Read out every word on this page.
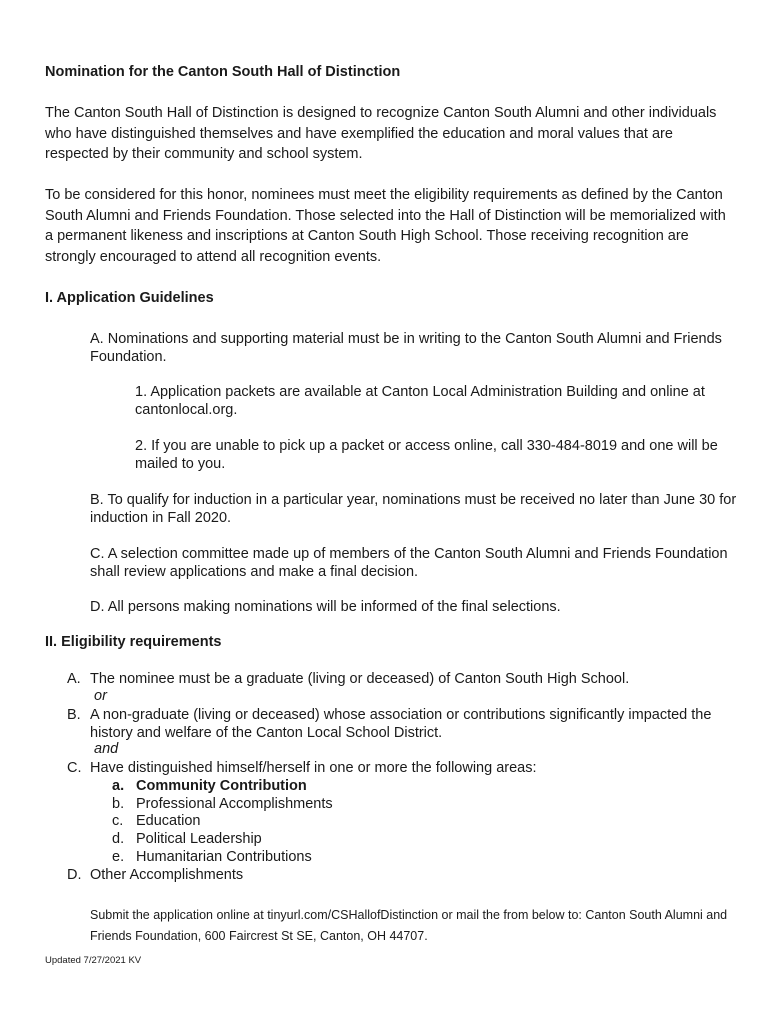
Nomination for the Canton South Hall of Distinction

The Canton South Hall of Distinction is designed to recognize Canton South Alumni and other individuals who have distinguished themselves and have exemplified the education and moral values that are respected by their community and school system.

To be considered for this honor, nominees must meet the eligibility requirements as defined by the Canton South Alumni and Friends Foundation. Those selected into the Hall of Distinction will be memorialized with a permanent likeness and inscriptions at Canton South High School. Those receiving recognition are strongly encouraged to attend all recognition events.

I. Application Guidelines

A. Nominations and supporting material must be in writing to the Canton South Alumni and Friends Foundation.

1. Application packets are available at Canton Local Administration Building and online at cantonlocal.org.

2. If you are unable to pick up a packet or access online, call 330-484-8019 and one will be mailed to you.

B. To qualify for induction in a particular year, nominations must be received no later than June 30 for induction in Fall 2020.

C. A selection committee made up of members of the Canton South Alumni and Friends Foundation shall review applications and make a final decision.

D. All persons making nominations will be informed of the final selections.

II. Eligibility requirements

A. The nominee must be a graduate (living or deceased) of Canton South High School.
or
B. A non-graduate (living or deceased) whose association or contributions significantly impacted the history and welfare of the Canton Local School District.
and
C. Have distinguished himself/herself in one or more the following areas:
a. Community Contribution
b. Professional Accomplishments
c. Education
d. Political Leadership
e. Humanitarian Contributions
D. Other Accomplishments

Submit the application online at tinyurl.com/CSHallofDistinction or mail the from below to: Canton South Alumni and Friends Foundation, 600 Faircrest St SE, Canton, OH 44707.

Updated 7/27/2021 KV
